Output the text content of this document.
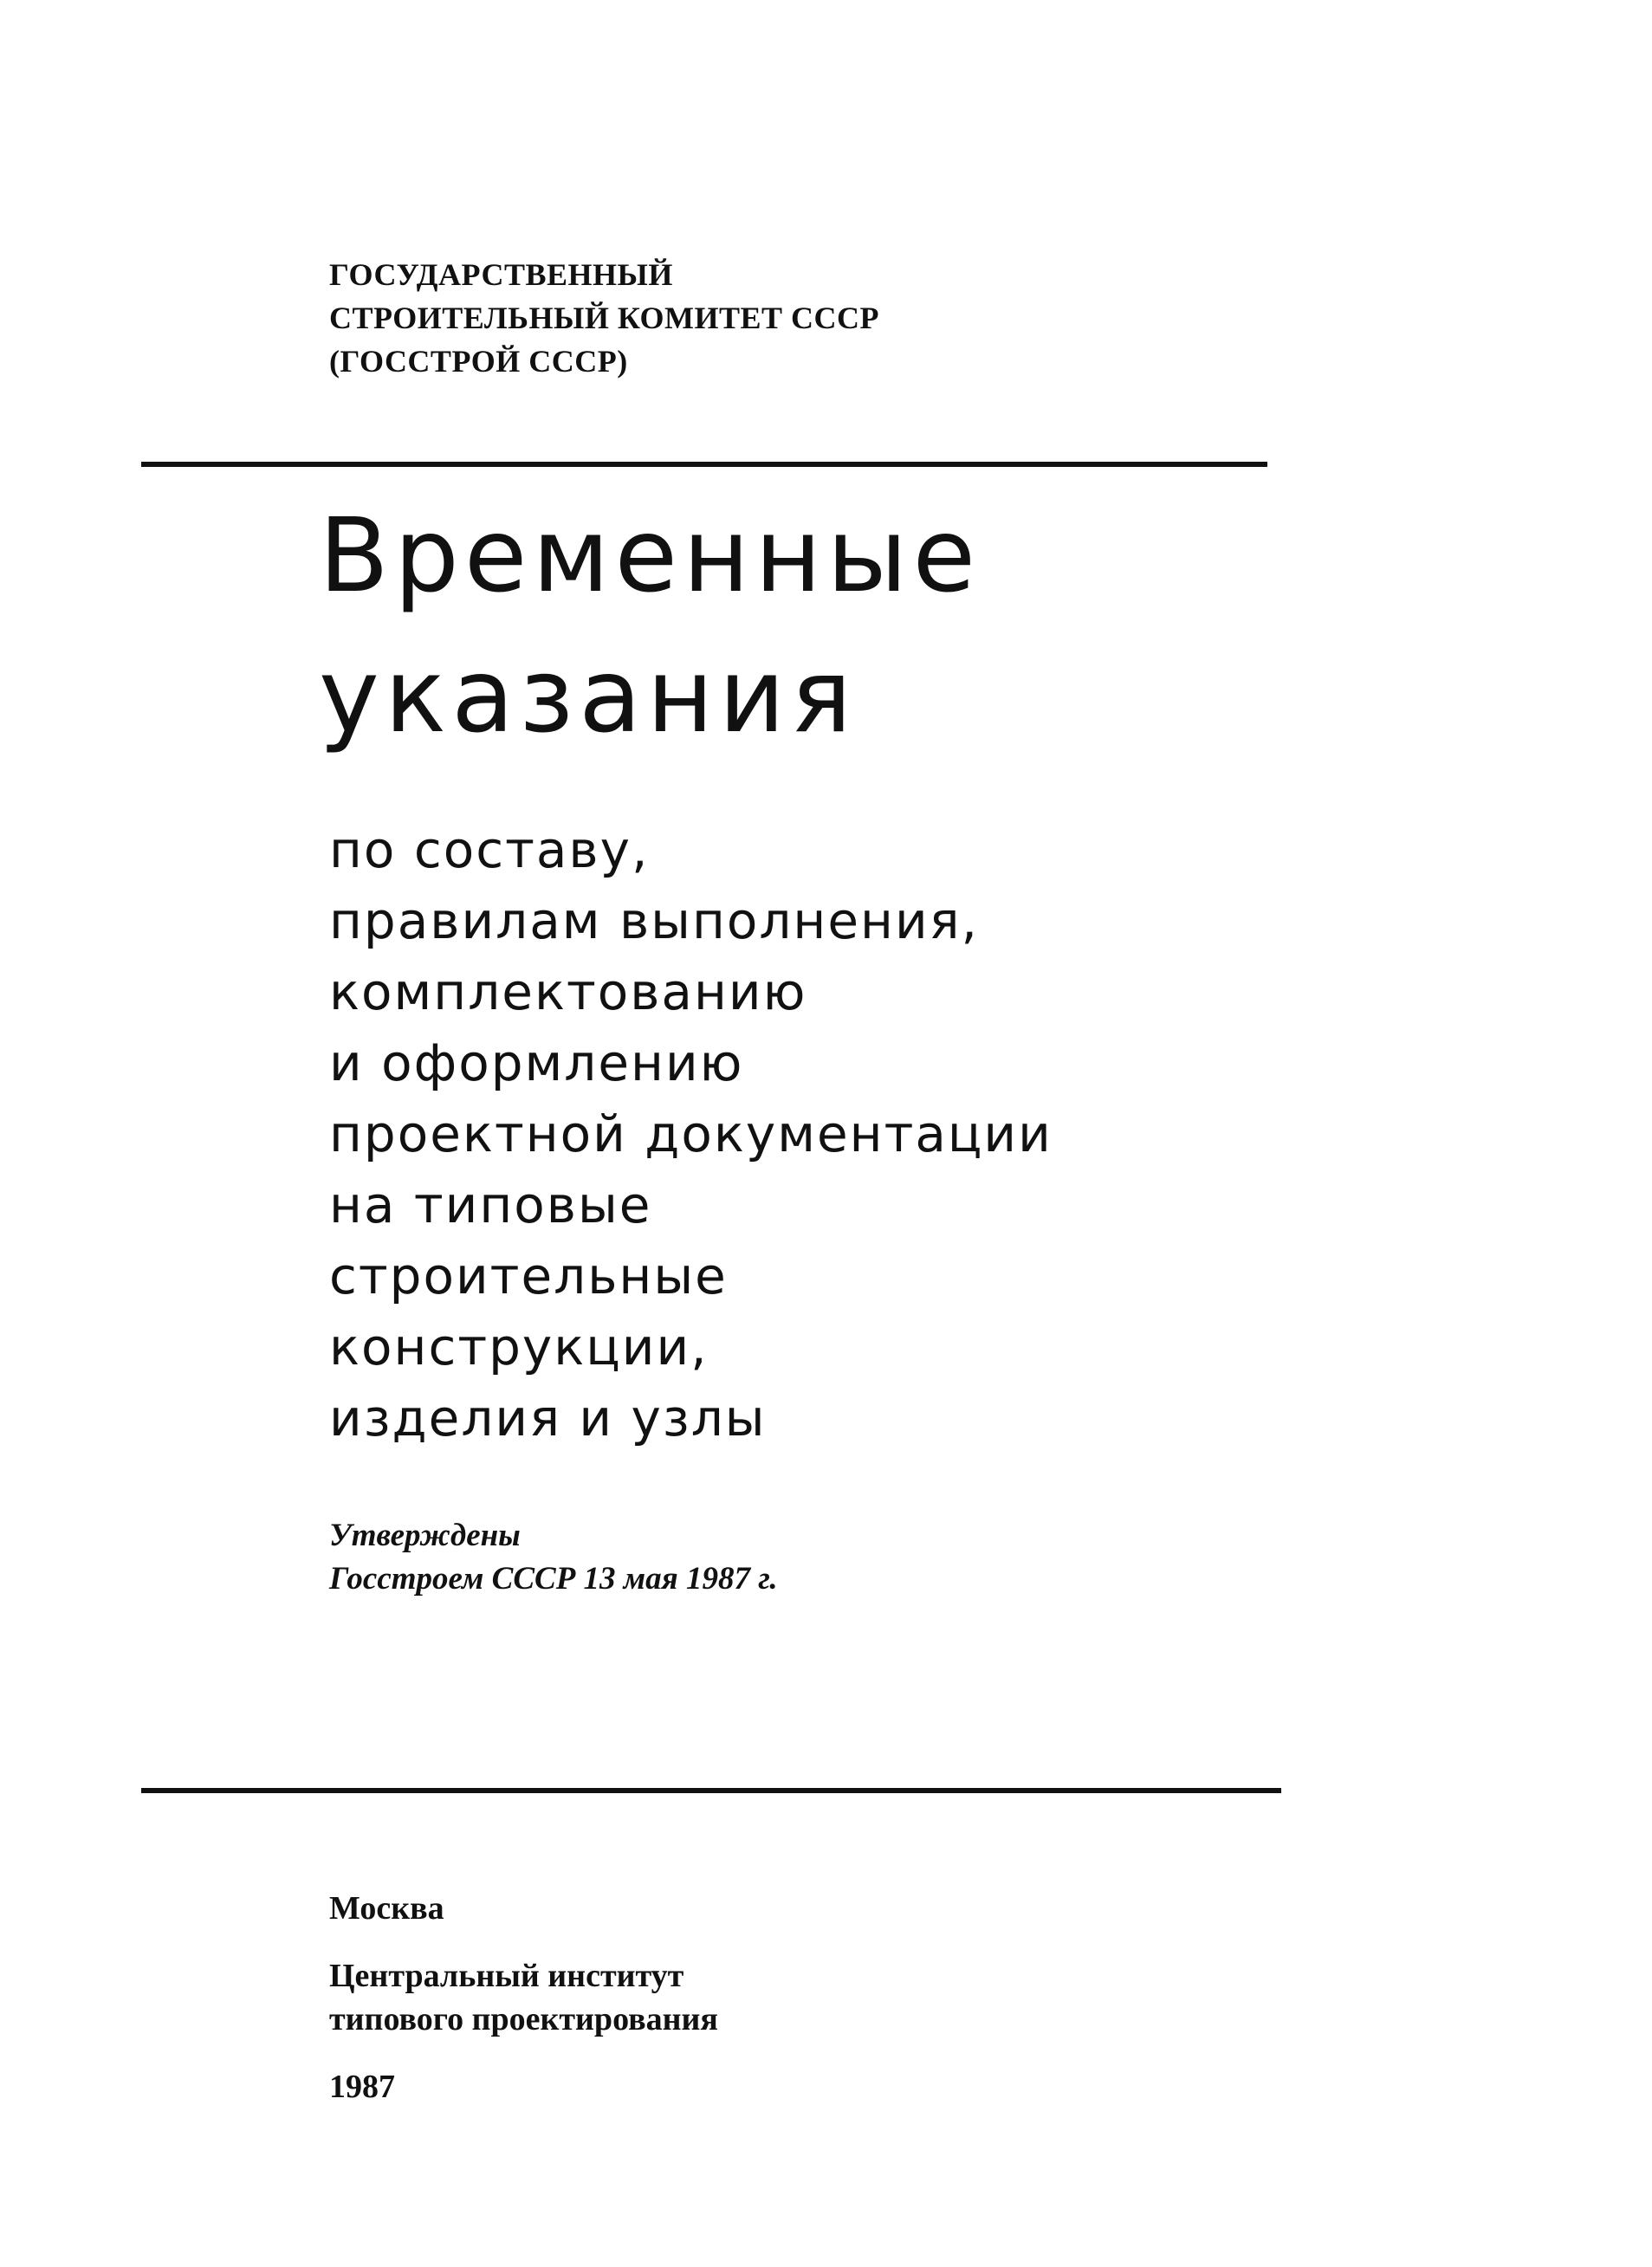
ГОСУДАРСТВЕННЫЙ
СТРОИТЕЛЬНЫЙ КОМИТЕТ СССР
(ГОССТРОЙ СССР)
Временные
указания
по составу,
правилам выполнения,
комплектованию
и оформлению
проектной документации
на типовые
строительные
конструкции,
изделия и узлы
Утверждены
Госстроем СССР 13 мая 1987 г.
Москва
Центральный институт
типового проектирования
1987
